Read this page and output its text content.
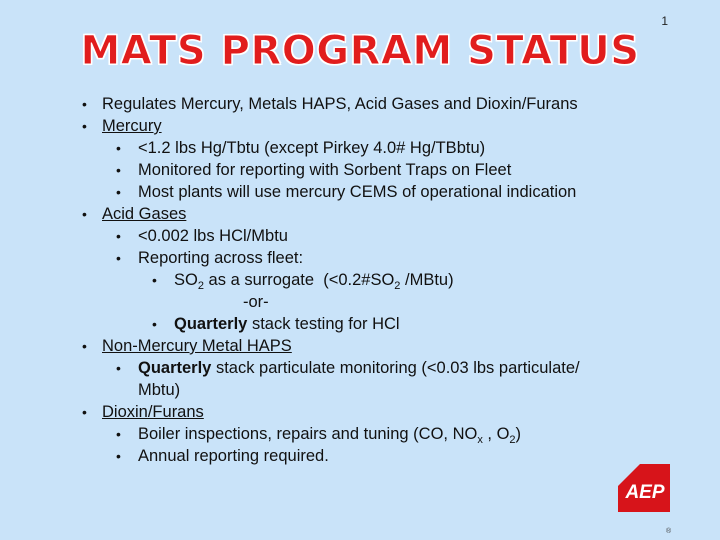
1
MATS PROGRAM STATUS
• Regulates Mercury, Metals HAPS, Acid Gases and Dioxin/Furans
• Mercury
• <1.2 lbs Hg/Tbtu (except Pirkey 4.0# Hg/TBbtu)
• Monitored for reporting with Sorbent Traps on Fleet
• Most plants will use mercury CEMS of operational indication
• Acid Gases
• <0.002 lbs HCl/Mbtu
• Reporting across fleet:
• $SO_2$ as a surrogate  ($<0.2\#SO_2$ /MBtu)
-or-
• Quarterly stack testing for HCl
• Non-Mercury Metal HAPS
• Quarterly stack particulate monitoring (<0.03 lbs particulate/
Mbtu)
• Dioxin/Furans
• Boiler inspections, repairs and tuning (CO, $NO_x$ , $O_2$)
• Annual reporting required.
AEP
®
